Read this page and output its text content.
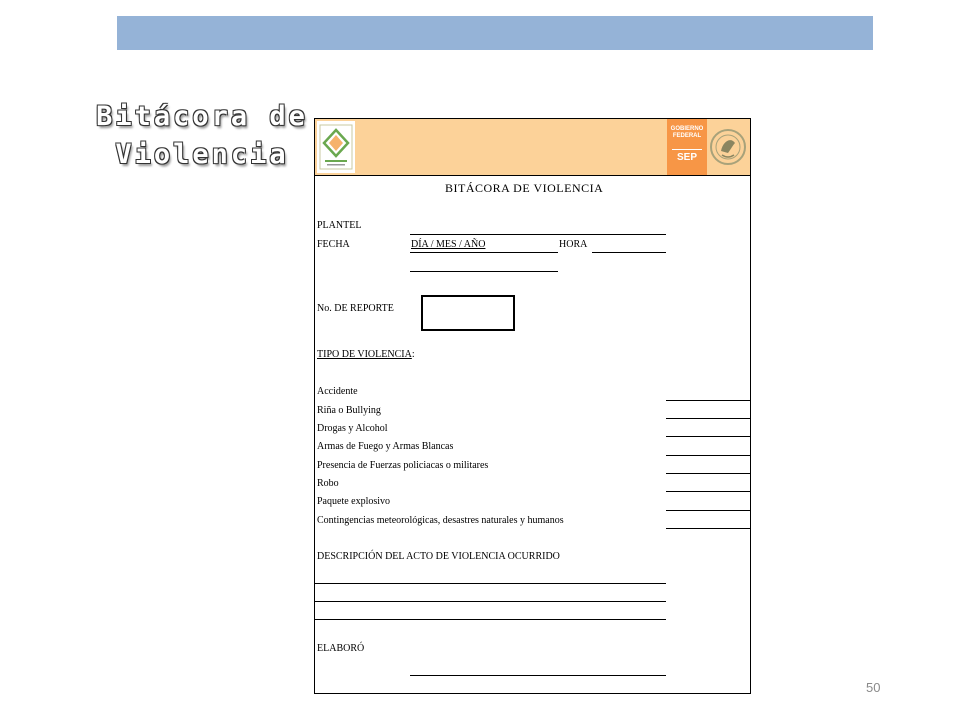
Bitácora de
Violencia
GOBIERNO
FEDERAL
SEP
BITÁCORA DE VIOLENCIA
PLANTEL
FECHA	DÍA / MES / AÑO	HORA
No. DE REPORTE
TIPO DE VIOLENCIA:
Accidente
Riña o Bullying
Drogas y Alcohol
Armas de Fuego y Armas Blancas
Presencia de Fuerzas policiacas o militares
Robo
Paquete explosivo
Contingencias meteorológicas, desastres naturales y humanos
DESCRIPCIÓN DEL ACTO DE VIOLENCIA OCURRIDO
ELABORÓ
50
